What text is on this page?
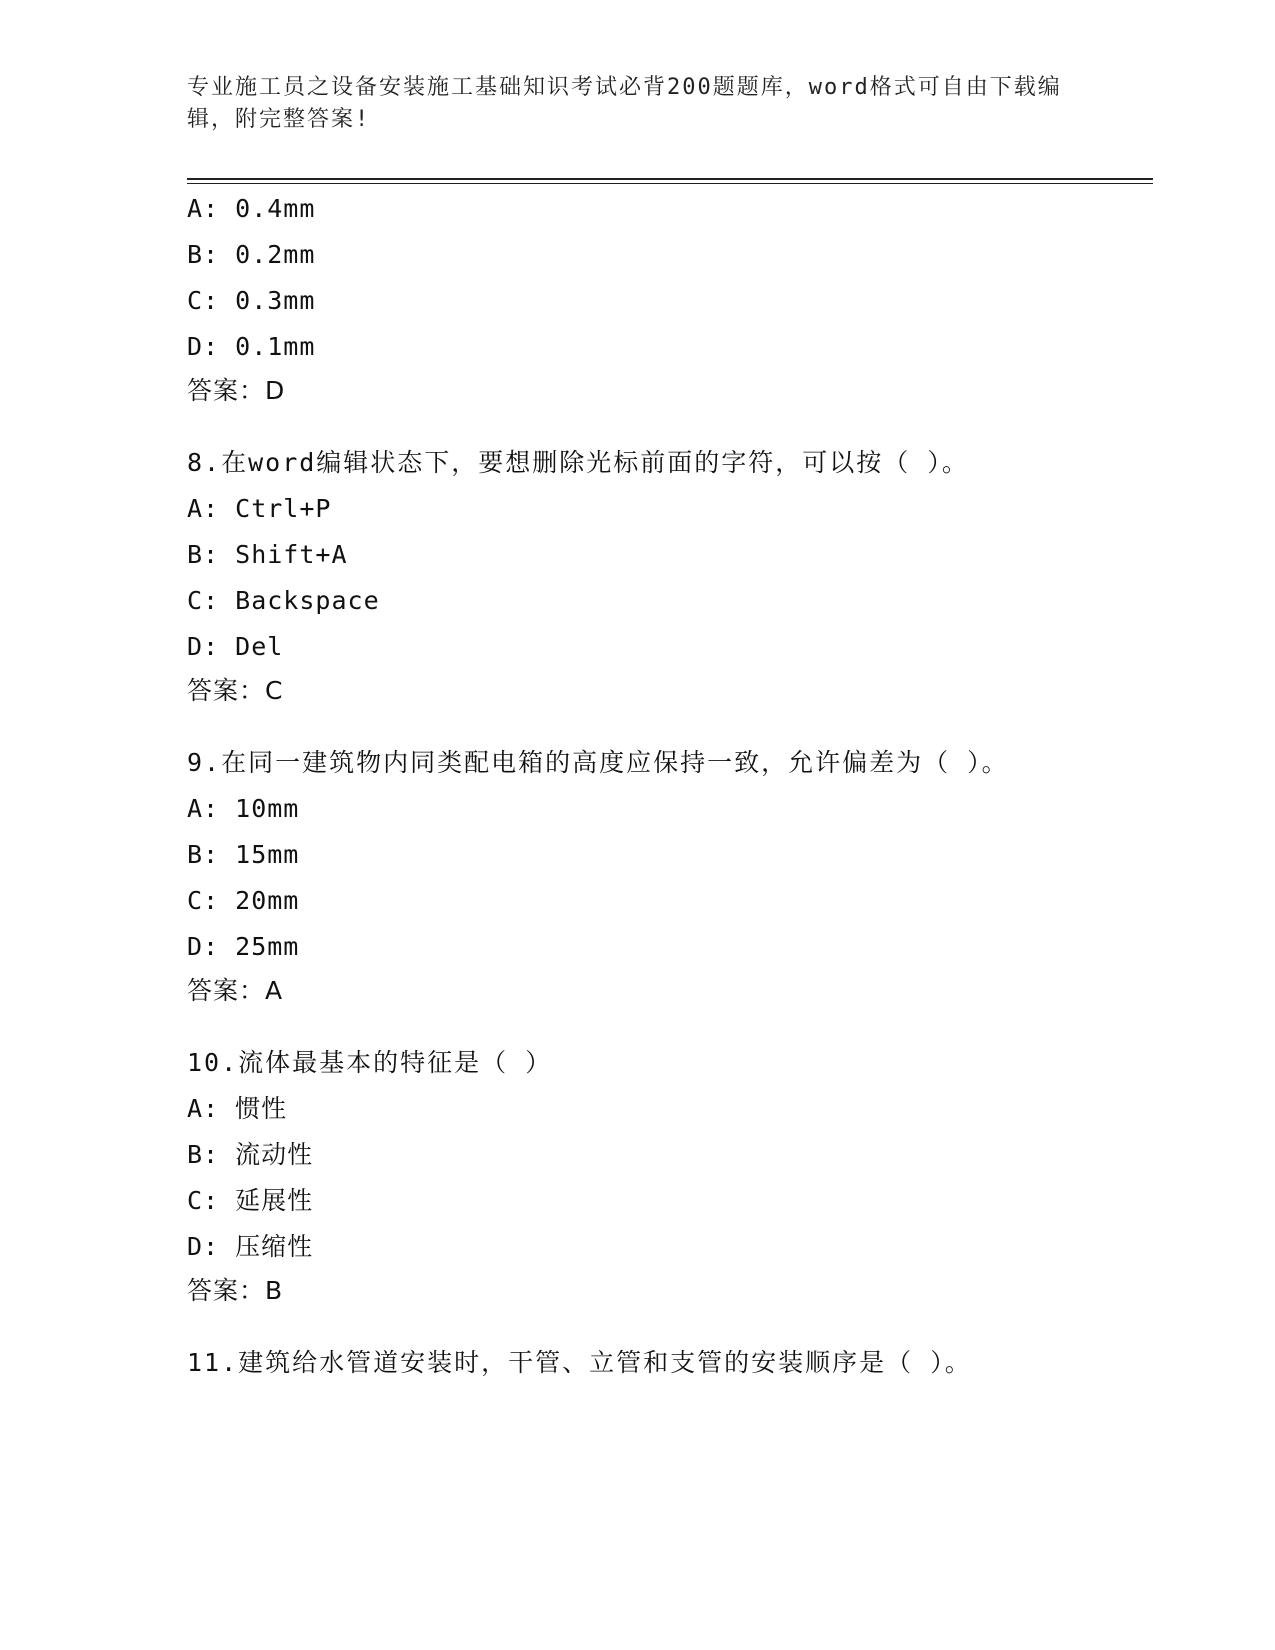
专业施工员之设备安装施工基础知识考试必背200题题库，word格式可自由下载编辑，附完整答案!
A: 0.4mm
B: 0.2mm
C: 0.3mm
D: 0.1mm
答案：D
8.在word编辑状态下，要想删除光标前面的字符，可以按（ ）。
A: Ctrl+P
B: Shift+A
C: Backspace
D: Del
答案：C
9.在同一建筑物内同类配电箱的高度应保持一致，允许偏差为（ ）。
A: 10mm
B: 15mm
C: 20mm
D: 25mm
答案：A
10.流体最基本的特征是（ ）
A: 惯性
B: 流动性
C: 延展性
D: 压缩性
答案：B
11.建筑给水管道安装时，干管、立管和支管的安装顺序是（ ）。
